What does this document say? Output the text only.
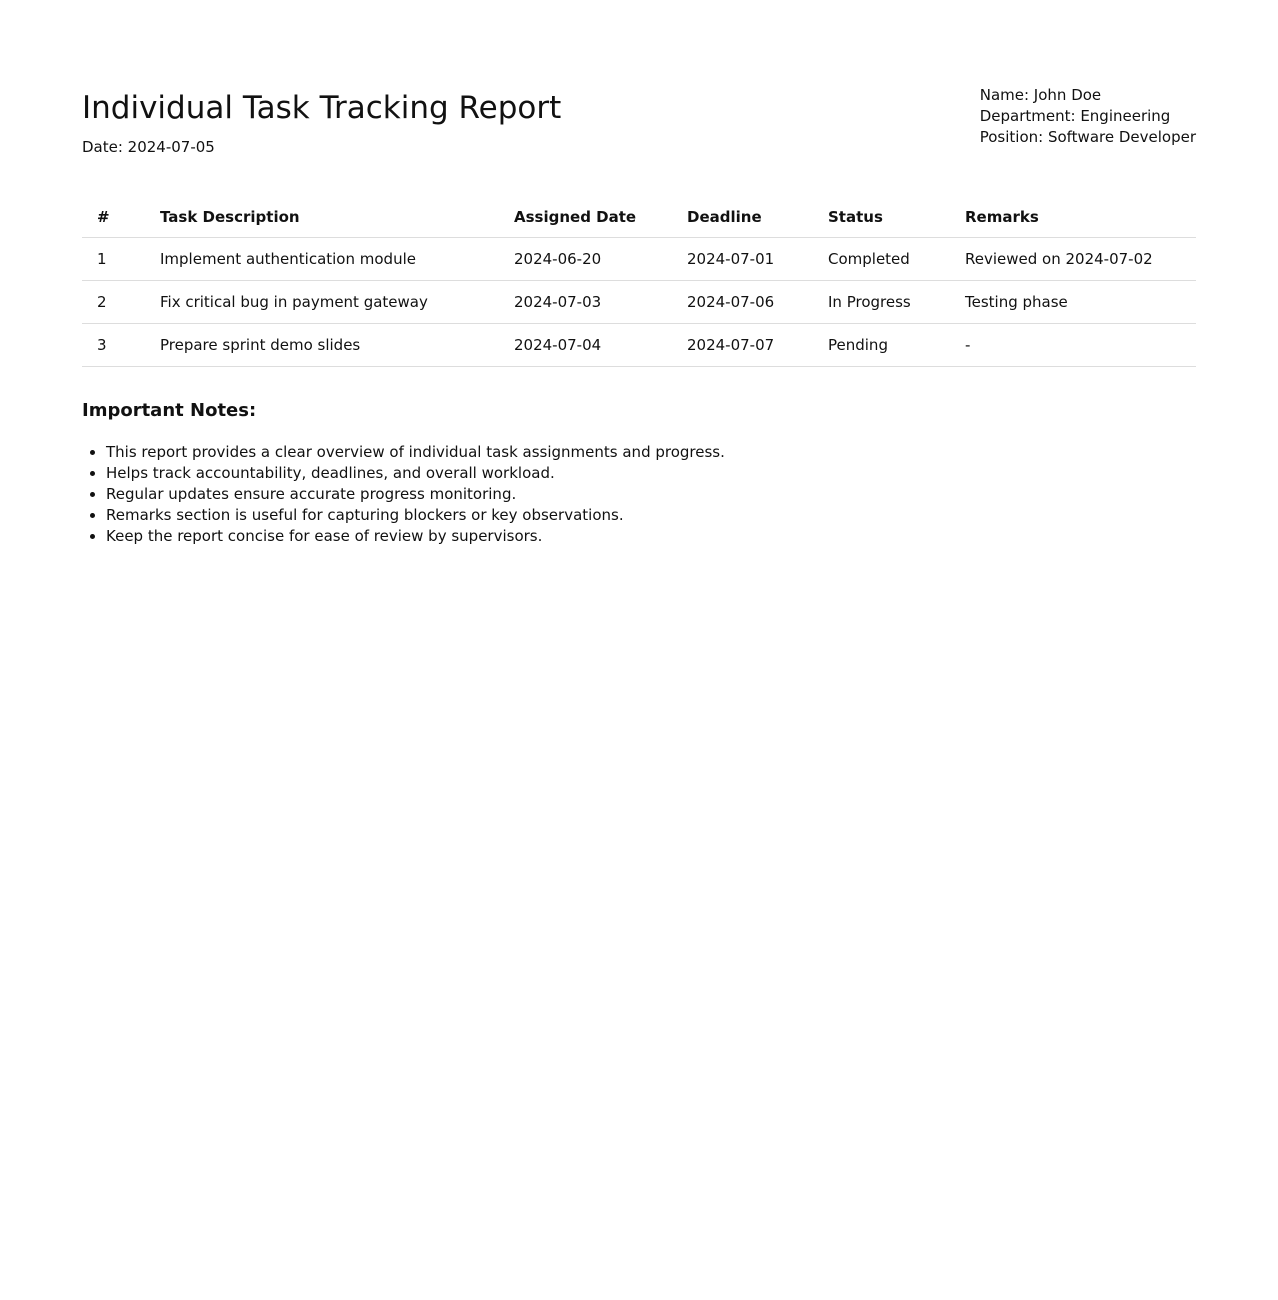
Individual Task Tracking Report
Date: 2024-07-05
Name: John Doe
Department: Engineering
Position: Software Developer
#	Task Description	Assigned Date	Deadline	Status	Remarks
1	Implement authentication module	2024-06-20	2024-07-01	Completed	Reviewed on 2024-07-02
2	Fix critical bug in payment gateway	2024-07-03	2024-07-06	In Progress	Testing phase
3	Prepare sprint demo slides	2024-07-04	2024-07-07	Pending	-
Important Notes:
• This report provides a clear overview of individual task assignments and progress.
• Helps track accountability, deadlines, and overall workload.
• Regular updates ensure accurate progress monitoring.
• Remarks section is useful for capturing blockers or key observations.
• Keep the report concise for ease of review by supervisors.
